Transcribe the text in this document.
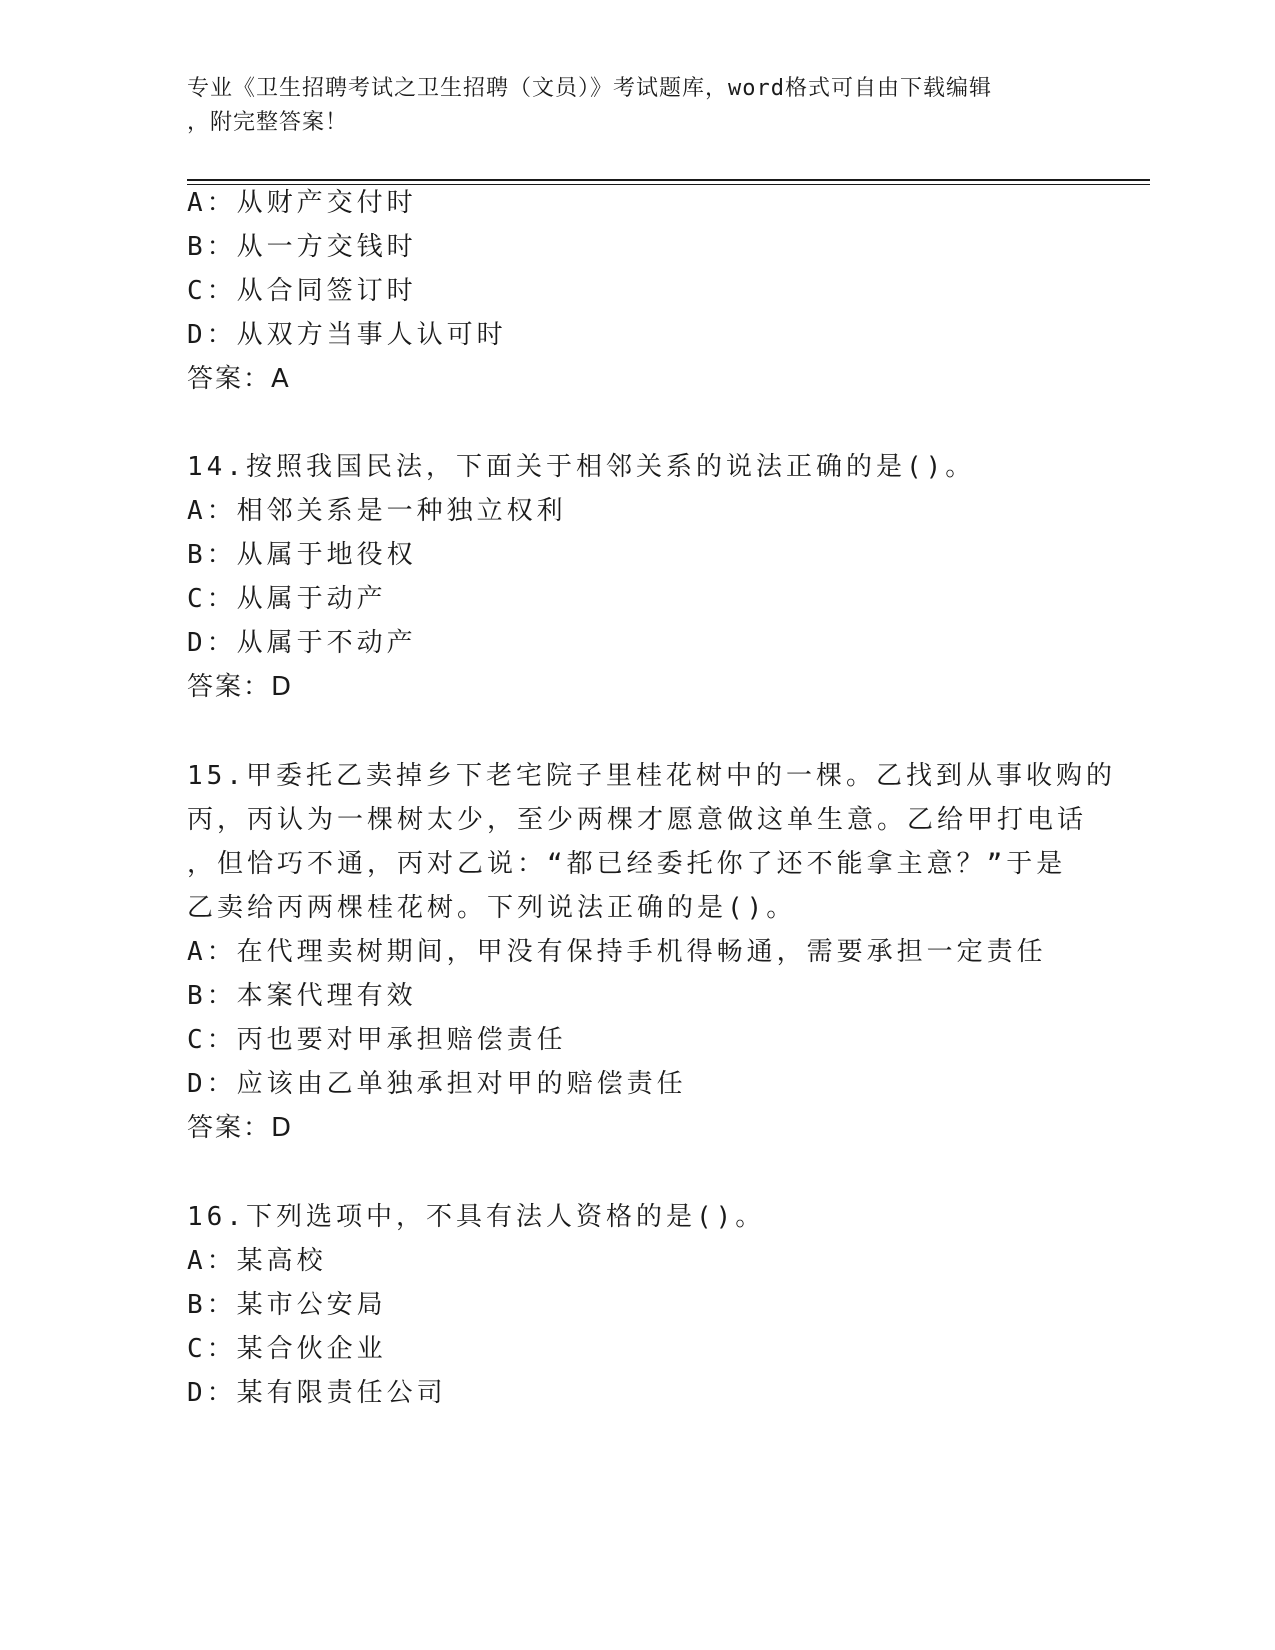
专业《卫生招聘考试之卫生招聘（文员）》考试题库，word格式可自由下载编辑
，附完整答案！
A：从财产交付时
B：从一方交钱时
C：从合同签订时
D：从双方当事人认可时
答案：A
14.按照我国民法，下面关于相邻关系的说法正确的是()。
A：相邻关系是一种独立权利
B：从属于地役权
C：从属于动产
D：从属于不动产
答案：D
15.甲委托乙卖掉乡下老宅院子里桂花树中的一棵。乙找到从事收购的
丙，丙认为一棵树太少，至少两棵才愿意做这单生意。乙给甲打电话
，但恰巧不通，丙对乙说：“都已经委托你了还不能拿主意？”于是
乙卖给丙两棵桂花树。下列说法正确的是()。
A：在代理卖树期间，甲没有保持手机得畅通，需要承担一定责任
B：本案代理有效
C：丙也要对甲承担赔偿责任
D：应该由乙单独承担对甲的赔偿责任
答案：D
16.下列选项中，不具有法人资格的是()。
A：某高校
B：某市公安局
C：某合伙企业
D：某有限责任公司
